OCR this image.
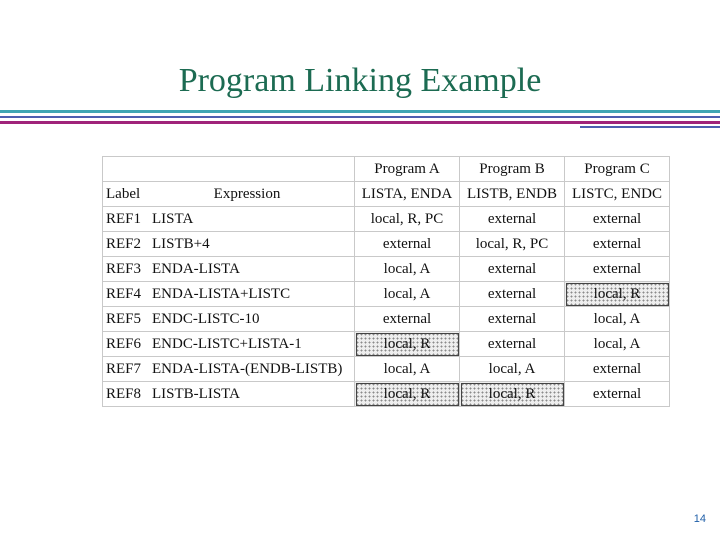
Program Linking Example
	Program A	Program B	Program C
Label Expression	LISTA, ENDA	LISTB, ENDB	LISTC, ENDC
REF1 LISTA	local, R, PC	external	external
REF2 LISTB+4	external	local, R, PC	external
REF3 ENDA-LISTA	local, A	external	external
REF4 ENDA-LISTA+LISTC	local, A	external	local, R
REF5 ENDC-LISTC-10	external	external	local, A
REF6 ENDC-LISTC+LISTA-1	local, R	external	local, A
REF7 ENDA-LISTA-(ENDB-LISTB)	local, A	local, A	external
REF8 LISTB-LISTA	local, R	local, R	external
14
